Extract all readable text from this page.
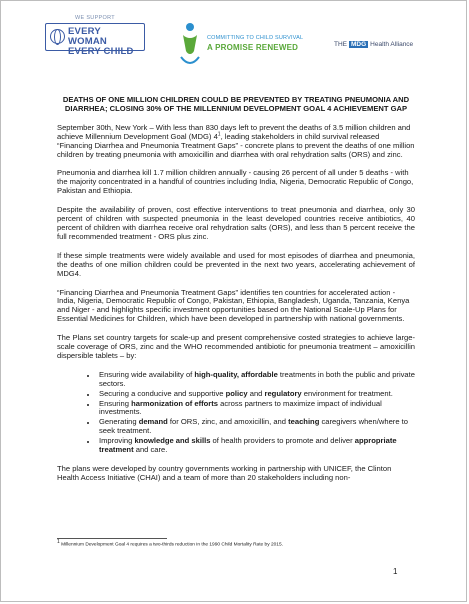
WE SUPPORT
EVERY WOMAN
EVERY CHILD
COMMITTING TO CHILD SURVIVAL
A PROMISE RENEWED	THE MDG Health Alliance
DEATHS OF ONE MILLION CHILDREN COULD BE PREVENTED BY TREATING PNEUMONIA AND DIARRHEA; CLOSING 30% OF THE MILLENNIUM DEVELOPMENT GOAL 4 ACHIEVEMENT GAP

September 30th, New York – With less than 830 days left to prevent the deaths of 3.5 million children and achieve Millennium Development Goal (MDG) $4^1$, leading stakeholders in child survival released “Financing Diarrhea and Pneumonia Treatment Gaps” - concrete plans to prevent the deaths of one million children by treating pneumonia with amoxicillin and diarrhea with oral rehydration salts (ORS) and zinc.

Pneumonia and diarrhea kill 1.7 million children annually - causing 26 percent of all under 5 deaths - with the majority concentrated in a handful of countries including India, Nigeria, Democratic Republic of Congo, Pakistan and Ethiopia.

Despite the availability of proven, cost effective interventions to treat pneumonia and diarrhea, only 30 percent of children with suspected pneumonia in the least developed countries receive antibiotics, 40 percent of children with diarrhea receive oral rehydration salts (ORS), and less than 5 percent receive the full recommended treatment - ORS plus zinc.

If these simple treatments were widely available and used for most episodes of diarrhea and pneumonia, the deaths of one million children could be prevented in the next two years, accelerating achievement of MDG4.

“Financing Diarrhea and Pneumonia Treatment Gaps” identifies ten countries for accelerated action - India, Nigeria, Democratic Republic of Congo, Pakistan, Ethiopia, Bangladesh, Uganda, Tanzania, Kenya and Niger - and highlights specific investment opportunities based on the National Scale-Up Plans for Essential Medicines for Children, which have been developed in partnership with national governments.

The Plans set country targets for scale-up and present comprehensive costed strategies to achieve large-scale coverage of ORS, zinc and the WHO recommended antibiotic for pneumonia treatment – amoxicillin dispersible tablets – by:

• Ensuring wide availability of high-quality, affordable treatments in both the public and private sectors.
• Securing a conducive and supportive policy and regulatory environment for treatment.
• Ensuring harmonization of efforts across partners to maximize impact of individual investments.
• Generating demand for ORS, zinc, and amoxicillin, and teaching caregivers when/where to seek treatment.
• Improving knowledge and skills of health providers to promote and deliver appropriate treatment and care.

The plans were developed by country governments working in partnership with UNICEF, the Clinton Health Access Initiative (CHAI) and a team of more than 20 stakeholders including non-

$^1$ Millennium Development Goal 4 requires a two-thirds reduction in the 1990 Child Mortality Rate by 2015.
1
